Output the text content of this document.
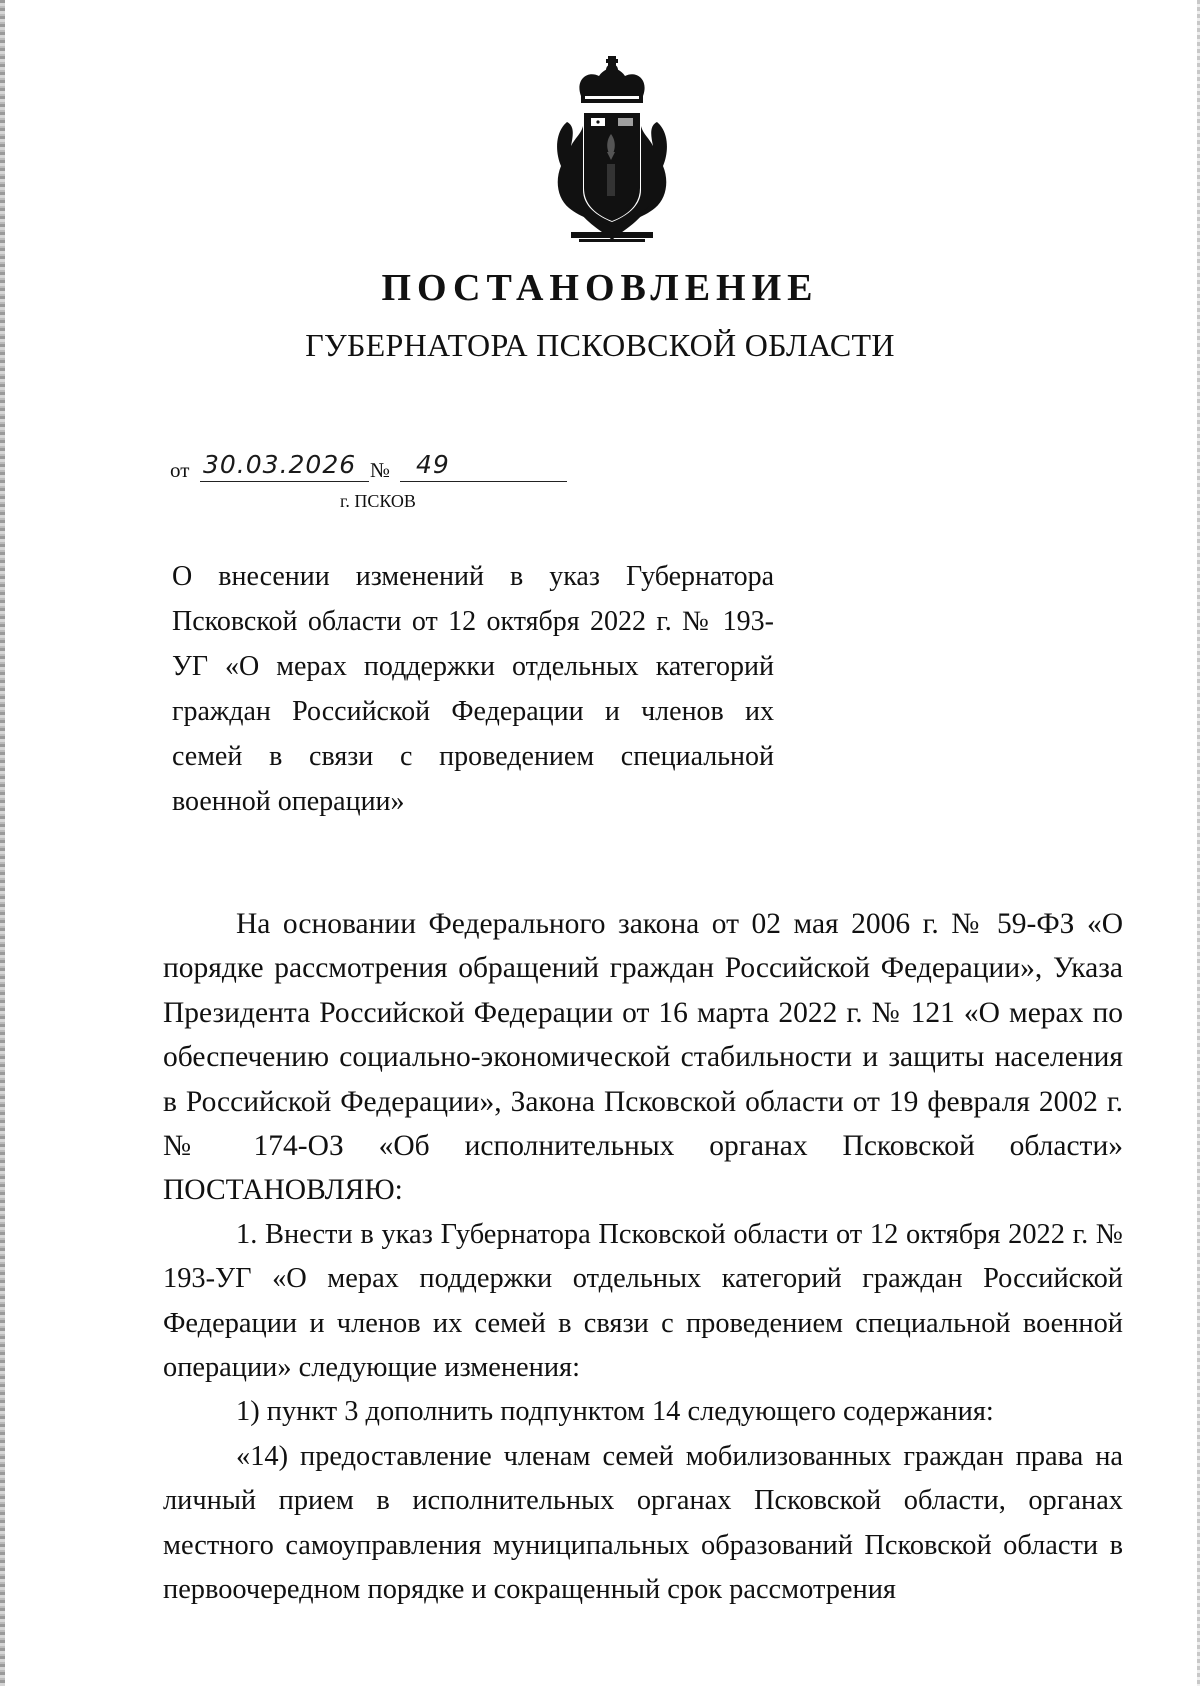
ПОСТАНОВЛЕНИЕ
ГУБЕРНАТОРА ПСКОВСКОЙ ОБЛАСТИ
от 30.03.2026 №	49
г. ПСКОВ
О внесении изменений в указ Губернатора Псковской области от 12 октября 2022 г. № 193-УГ «О мерах поддержки отдельных категорий граждан Российской Федерации и членов их семей в связи с проведением специальной военной операции»

На основании Федерального закона от 02 мая 2006 г. № 59-ФЗ «О порядке рассмотрения обращений граждан Российской Федерации», Указа Президента Российской Федерации от 16 марта 2022 г. № 121 «О мерах по обеспечению социально-экономической стабильности и защиты населения в Российской Федерации», Закона Псковской области от 19 февраля 2002 г. № 174-ОЗ «Об исполнительных органах Псковской области» ПОСТАНОВЛЯЮ:

1. Внести в указ Губернатора Псковской области от 12 октября 2022 г. № 193-УГ «О мерах поддержки отдельных категорий граждан Российской Федерации и членов их семей в связи с проведением специальной военной операции» следующие изменения:

1) пункт 3 дополнить подпунктом 14 следующего содержания:

«14) предоставление членам семей мобилизованных граждан права на личный прием в исполнительных органах Псковской области, органах местного самоуправления муниципальных образований Псковской области в первоочередном порядке и сокращенный срок рассмотрения
